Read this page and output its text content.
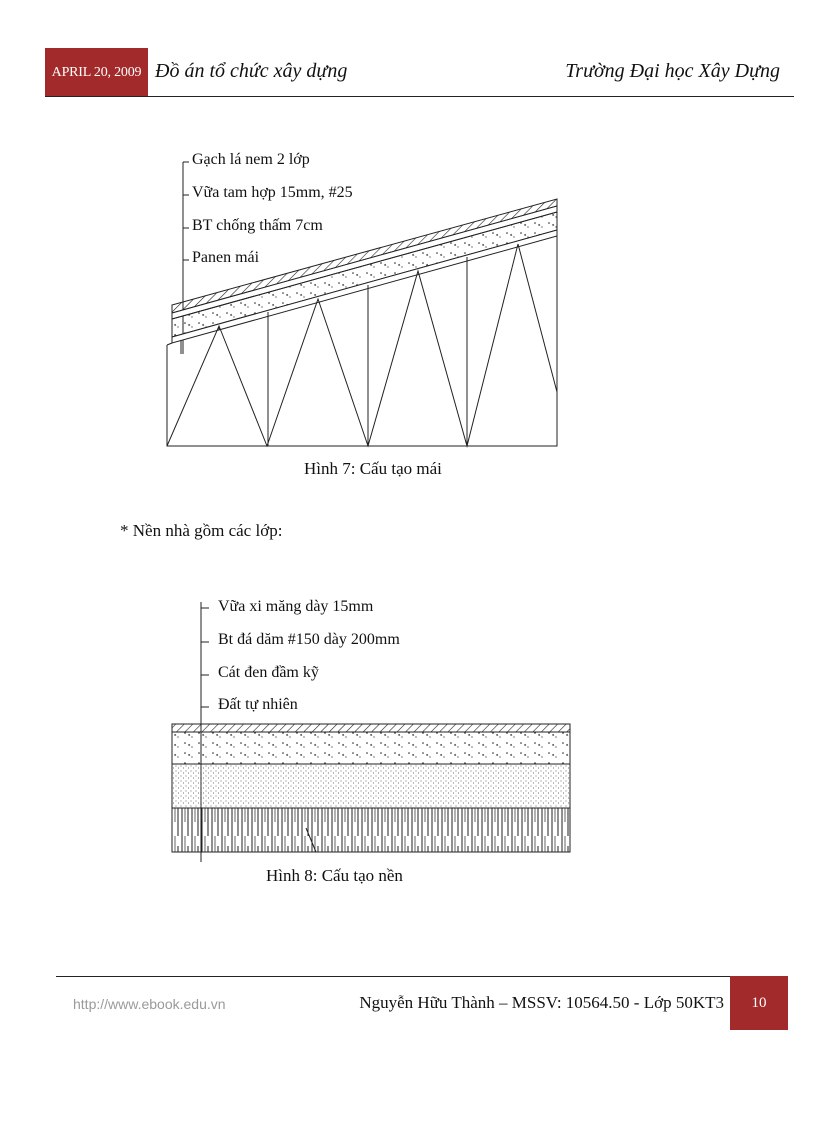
APRIL 20, 2009 Đồ án tổ chức xây dựng	Trường Đại học Xây Dựng
Gạch lá nem 2 lớp
Vữa tam hợp 15mm, #25
BT chống thấm 7cm
Panen mái
Hình 7: Cấu tạo mái
* Nền nhà gồm các lớp:
Vữa xi măng dày 15mm
Bt đá dăm #150 dày 200mm
Cát đen đầm kỹ
Đất tự nhiên
Hình 8: Cấu tạo nền
http://www.ebook.edu.vn	Nguyễn Hữu Thành – MSSV: 10564.50 - Lớp 50KT3	10
